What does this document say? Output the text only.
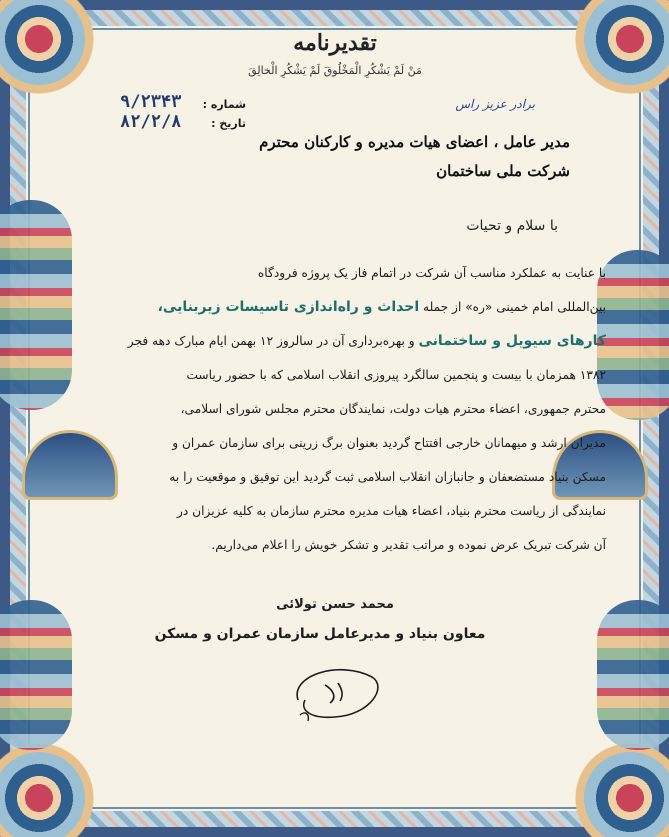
تقدیرنامه
مَنْ لَمْ یَشْکُرِ الْمَخْلُوقَ لَمْ یَشْکُرِ الْخالِقَ
شماره :
۹/۲۳۴۳
تاریخ :
۸۲/۲/۸
برادر عزیز راس
مدیر عامل ، اعضای هیات مدیره و کارکنان محترم
شرکت ملی ساختمان
با سلام و تحیات

با عنایت به عملکرد مناسب آن شرکت در اتمام فاز یک پروژه فرودگاه

بین‌المللی امام خمینی «ره» از جمله احداث و راه‌اندازی تاسیسات زیربنایی،

کارهای سیویل و ساختمانی و بهره‌برداری آن در سالروز ۱۲ بهمن ایام مبارک دهه فجر

۱۳۸۲ همزمان با بیست و پنجمین سالگرد پیروزی انقلاب اسلامی که با حضور ریاست

محترم جمهوری، اعضاء محترم هیات دولت، نمایندگان محترم مجلس شورای اسلامی،

مدیران ارشد و میهمانان خارجی افتتاح گردید بعنوان برگ زرینی برای سازمان عمران و

مسکن بنیاد مستضعفان و جانبازان انقلاب اسلامی ثبت گردید این توفیق و موقعیت را به

نمایندگی از ریاست محترم بنیاد، اعضاء هیات مدیره محترم سازمان به کلیه عزیزان در

آن شرکت تبریک عرض نموده و مراتب تقدیر و تشکر خویش را اعلام می‌داریم.

محمد حسن تولائی
معاون بنیاد و مدیرعامل سازمان عمران و مسکن
